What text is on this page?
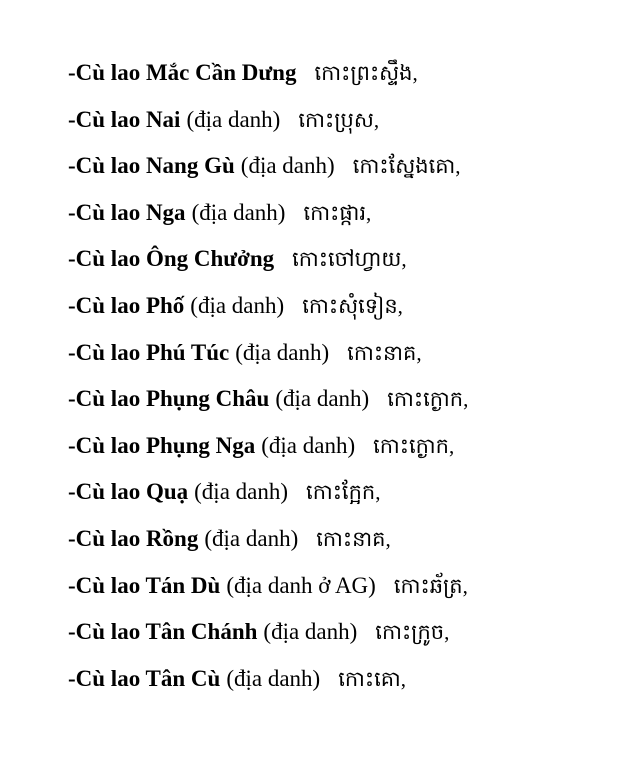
-Cù lao Mắc Cần Dưng កោះព្រះស្ទឹង,
-Cù lao Nai (địa danh) កោះប្រុស,
-Cù lao Nang Gù (địa danh) កោះស្នែងគោ,
-Cù lao Nga (địa danh) កោះផ្ការ,
-Cù lao Ông Chưởng កោះចៅហ្វាយ,
-Cù lao Phố (địa danh) កោះសុំទៀន,
-Cù lao Phú Túc (địa danh) កោះនាគ,
-Cù lao Phụng Châu (địa danh) កោះក្ងោក,
-Cù lao Phụng Nga (địa danh) កោះក្ងោក,
-Cù lao Quạ (địa danh) កោះក្អែក,
-Cù lao Rồng (địa danh) កោះនាគ,
-Cù lao Tán Dù (địa danh ở AG) កោះឆ័ត្រ,
-Cù lao Tân Chánh (địa danh) កោះក្រូច,
-Cù lao Tân Cù (địa danh) កោះគោ,
